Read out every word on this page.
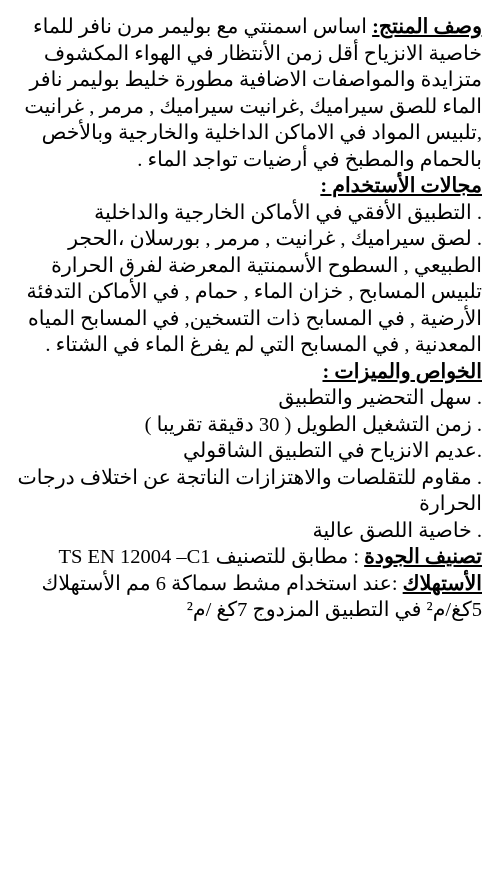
وصف المنتج: اساس اسمنتي مع بوليمر مرن نافر للماء خاصية الانزياح أقل زمن الأنتظار في الهواء المكشوف متزايدة والمواصفات الاضافية مطورة خليط بوليمر نافر الماء للصق سيراميك ,غرانيت سيراميك , مرمر , غرانيت ,تلبيس المواد في الاماكن الداخلية والخارجية وبالأخص بالحمام والمطبخ في أرضيات تواجد الماء .

مجالات الأستخدام :

. التطبيق الأفقي في الأماكن الخارجية والداخلية

. لصق سيراميك , غرانيت , مرمر , بورسلان ،الحجر الطبيعي , السطوح الأسمنتية المعرضة لفرق الحرارة تلبيس المسابح , خزان الماء , حمام , في الأماكن التدفئة الأرضية , في المسابح ذات التسخين, في المسابح المياه المعدنية , في المسابح التي لم يفرغ الماء في الشتاء .

الخواص والميزات :

. سهل التحضير والتطبيق

. زمن التشغيل الطويل ( 30 دقيقة تقريبا )

.عديم الانزياح في التطبيق الشاقولي

. مقاوم للتقلصات والاهتزازات الناتجة عن اختلاف درجات الحرارة

. خاصية اللصق عالية

تصنيف الجودة : مطابق للتصنيف TS EN 12004 –C1

الأستهلاك :عند استخدام مشط سماكة 6 مم الأستهلاك 5كغ/م² في التطبيق المزدوج 7كغ /م²
